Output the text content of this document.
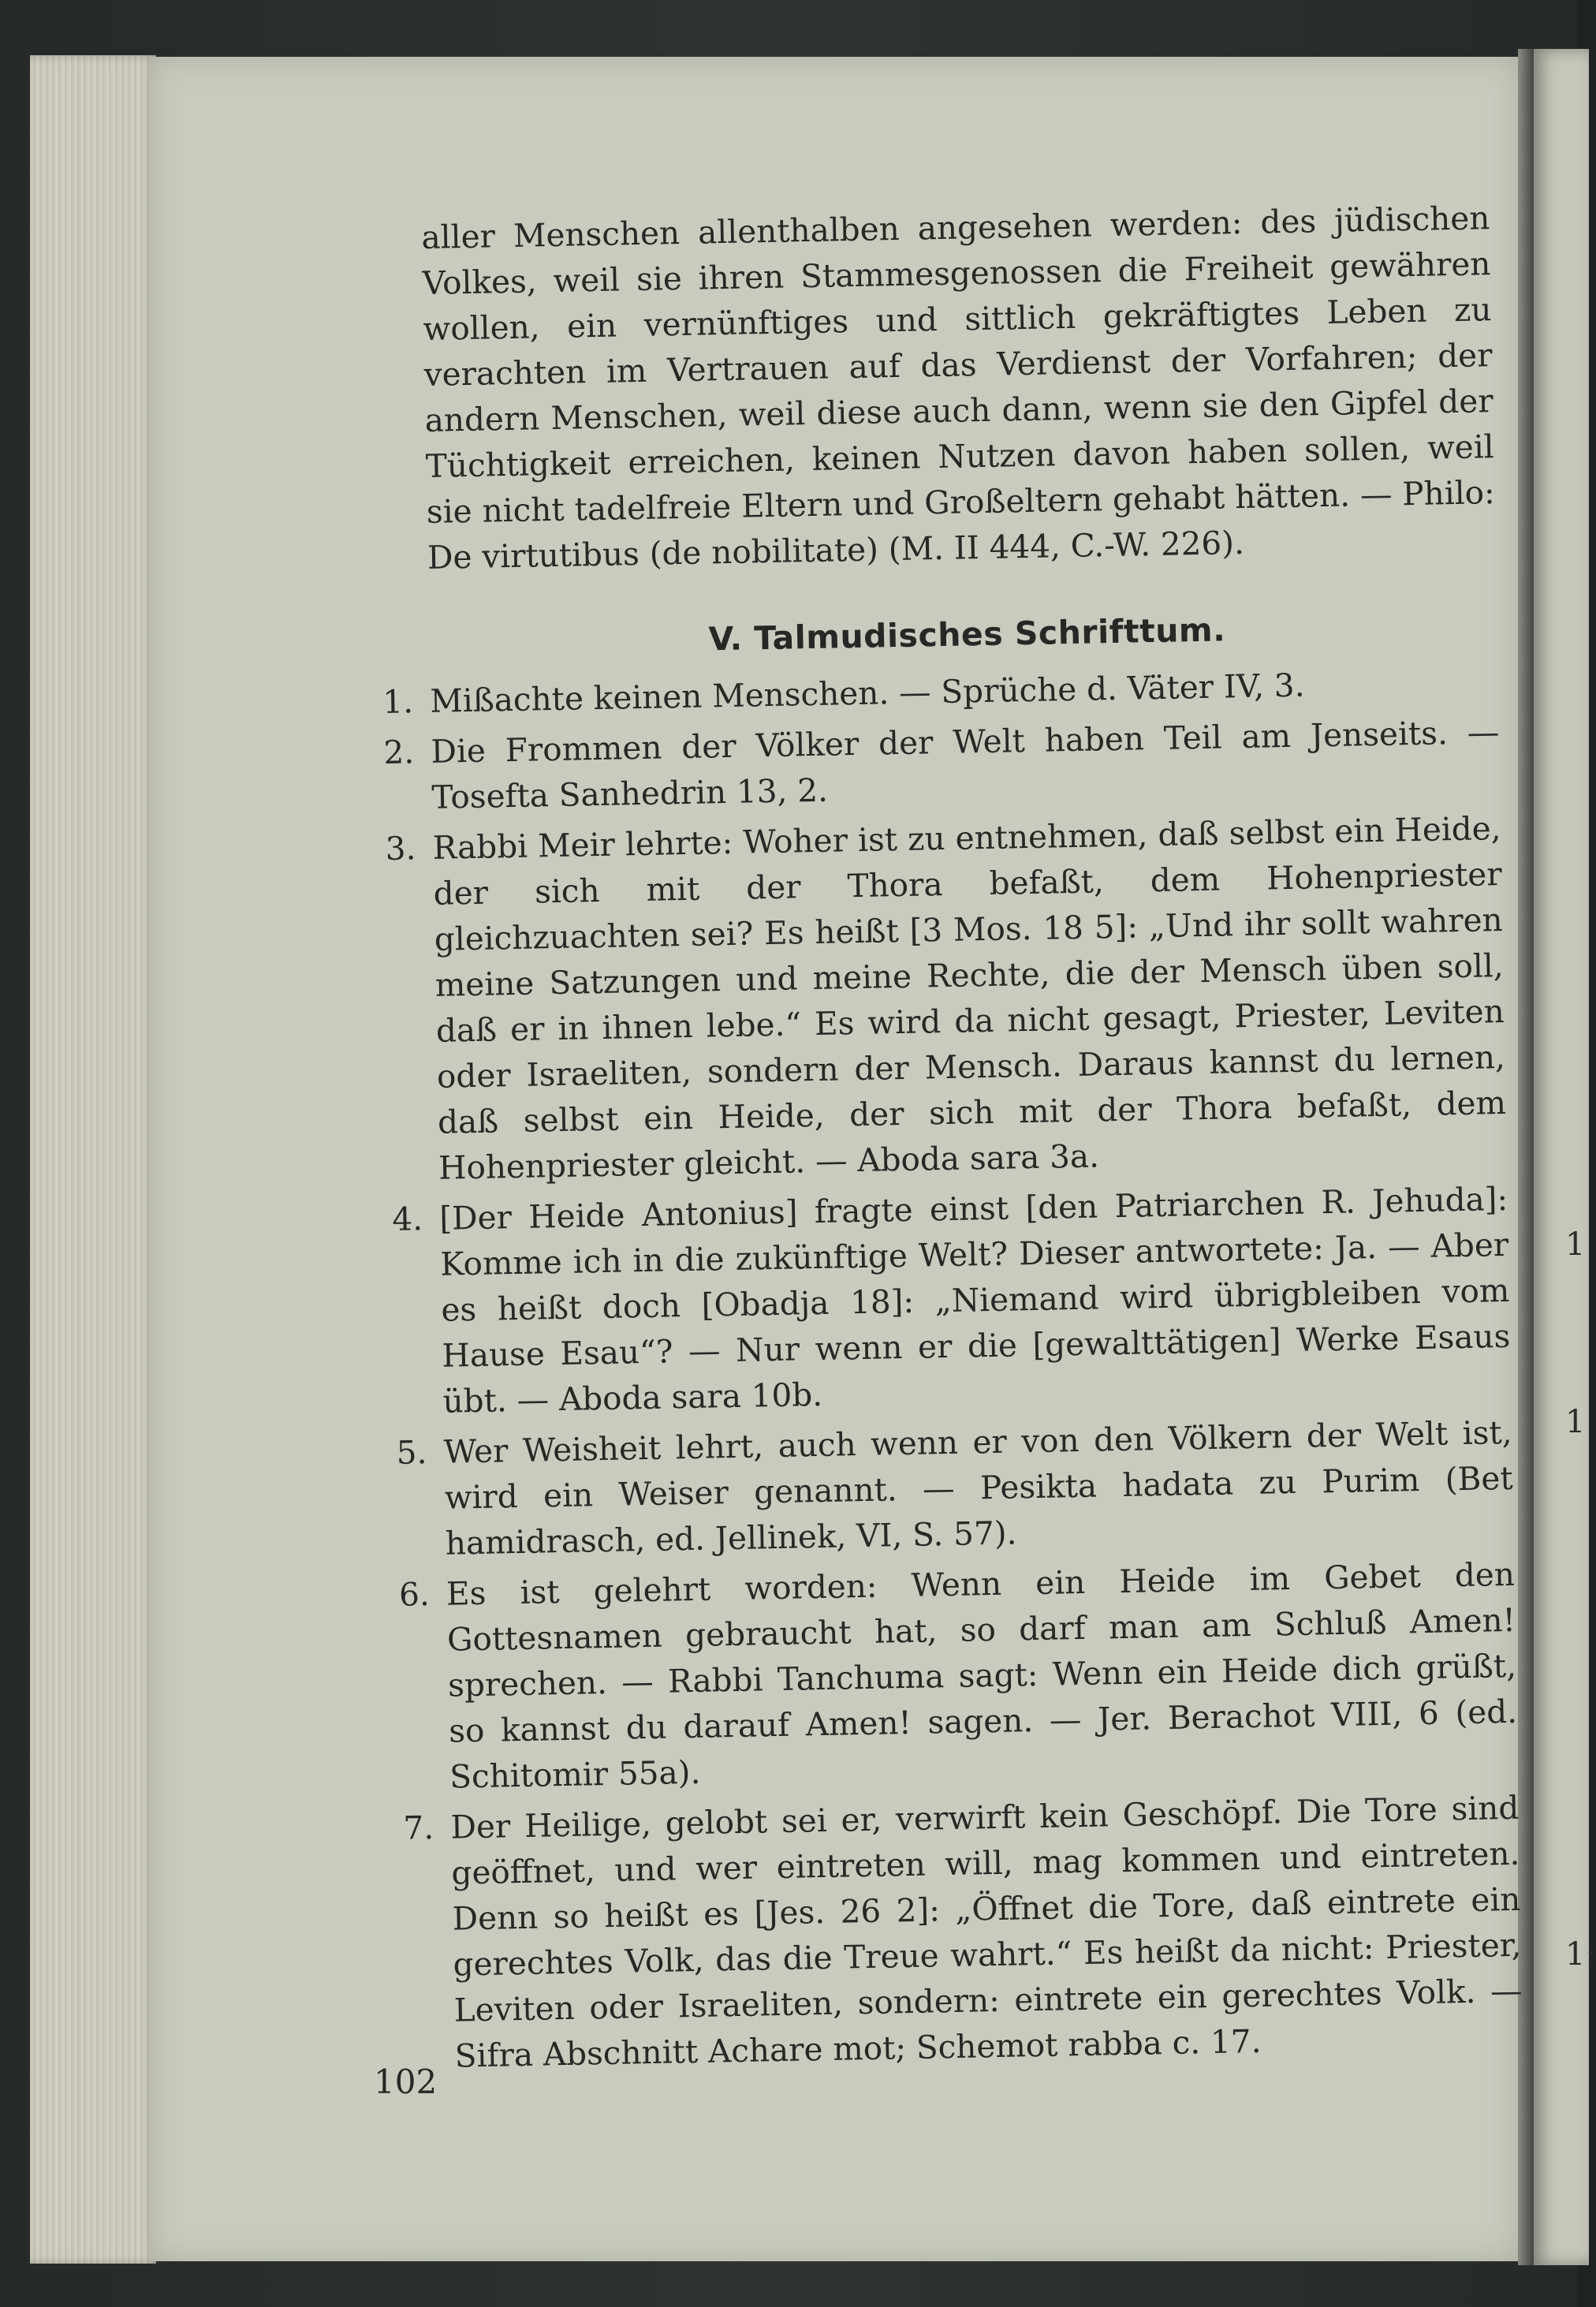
1
1
1:

aller Menschen allenthalben angesehen werden: des jüdischen Volkes, weil sie ihren Stammesgenossen die Freiheit gewähren wollen, ein vernünftiges und sittlich gekräftigtes Leben zu verachten im Vertrauen auf das Verdienst der Vorfahren; der andern Menschen, weil diese auch dann, wenn sie den Gipfel der Tüchtigkeit erreichen, keinen Nutzen davon haben sollen, weil sie nicht tadelfreie Eltern und Großeltern gehabt hätten. — Philo: De virtutibus (de nobilitate) (M. II 444, C.-W. 226).

V. Talmudisches Schrifttum.
1. Mißachte keinen Menschen. — Sprüche d. Väter IV, 3.
2. Die Frommen der Völker der Welt haben Teil am Jenseits. — Tosefta Sanhedrin 13, 2.
3. Rabbi Meir lehrte: Woher ist zu entnehmen, daß selbst ein Heide, der sich mit der Thora befaßt, dem Hohenpriester gleichzuachten sei? Es heißt [3 Mos. 18 5]: „Und ihr sollt wahren meine Satzungen und meine Rechte, die der Mensch üben soll, daß er in ihnen lebe.“ Es wird da nicht gesagt, Priester, Leviten oder Israeliten, sondern der Mensch. Daraus kannst du lernen, daß selbst ein Heide, der sich mit der Thora befaßt, dem Hohenpriester gleicht. — Aboda sara 3a.
4. [Der Heide Antonius] fragte einst [den Patriarchen R. Jehuda]: Komme ich in die zukünftige Welt? Dieser antwortete: Ja. — Aber es heißt doch [Obadja 18]: „Niemand wird übrigbleiben vom Hause Esau“? — Nur wenn er die [gewalttätigen] Werke Esaus übt. — Aboda sara 10b.
5. Wer Weisheit lehrt, auch wenn er von den Völkern der Welt ist, wird ein Weiser genannt. — Pesikta hadata zu Purim (Bet hamidrasch, ed. Jellinek, VI, S. 57).
6. Es ist gelehrt worden: Wenn ein Heide im Gebet den Gottesnamen gebraucht hat, so darf man am Schluß Amen! sprechen. — Rabbi Tanchuma sagt: Wenn ein Heide dich grüßt, so kannst du darauf Amen! sagen. — Jer. Berachot VIII, 6 (ed. Schitomir 55a).
7. Der Heilige, gelobt sei er, verwirft kein Geschöpf. Die Tore sind geöffnet, und wer eintreten will, mag kommen und eintreten. Denn so heißt es [Jes. 26 2]: „Öffnet die Tore, daß eintrete ein gerechtes Volk, das die Treue wahrt.“ Es heißt da nicht: Priester, Leviten oder Israeliten, sondern: eintrete ein gerechtes Volk. — Sifra Abschnitt Achare mot; Schemot rabba c. 17.
102
